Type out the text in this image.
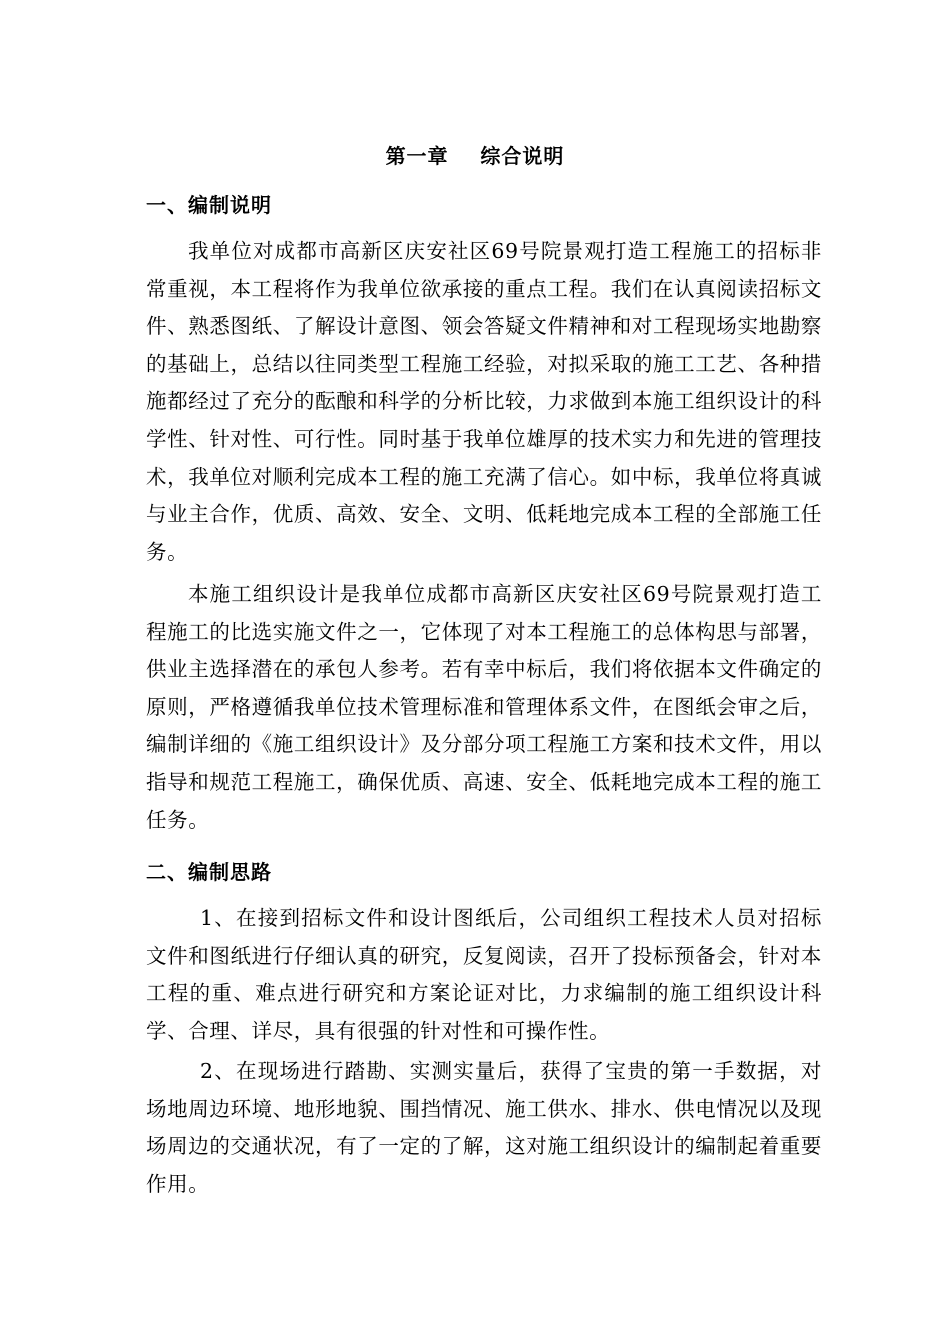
第一章    综合说明
一、编制说明
我单位对成都市高新区庆安社区69号院景观打造工程施工的招标非常重视，本工程将作为我单位欲承接的重点工程。我们在认真阅读招标文件、熟悉图纸、了解设计意图、领会答疑文件精神和对工程现场实地勘察的基础上，总结以往同类型工程施工经验，对拟采取的施工工艺、各种措施都经过了充分的酝酿和科学的分析比较，力求做到本施工组织设计的科学性、针对性、可行性。同时基于我单位雄厚的技术实力和先进的管理技术，我单位对顺利完成本工程的施工充满了信心。如中标，我单位将真诚与业主合作，优质、高效、安全、文明、低耗地完成本工程的全部施工任务。
本施工组织设计是我单位成都市高新区庆安社区69号院景观打造工程施工的比选实施文件之一，它体现了对本工程施工的总体构思与部署，供业主选择潜在的承包人参考。若有幸中标后，我们将依据本文件确定的原则，严格遵循我单位技术管理标准和管理体系文件，在图纸会审之后，编制详细的《施工组织设计》及分部分项工程施工方案和技术文件，用以指导和规范工程施工，确保优质、高速、安全、低耗地完成本工程的施工任务。
二、编制思路
1、在接到招标文件和设计图纸后，公司组织工程技术人员对招标文件和图纸进行仔细认真的研究，反复阅读，召开了投标预备会，针对本工程的重、难点进行研究和方案论证对比，力求编制的施工组织设计科学、合理、详尽，具有很强的针对性和可操作性。
2、在现场进行踏勘、实测实量后，获得了宝贵的第一手数据，对场地周边环境、地形地貌、围挡情况、施工供水、排水、供电情况以及现场周边的交通状况，有了一定的了解，这对施工组织设计的编制起着重要作用。
